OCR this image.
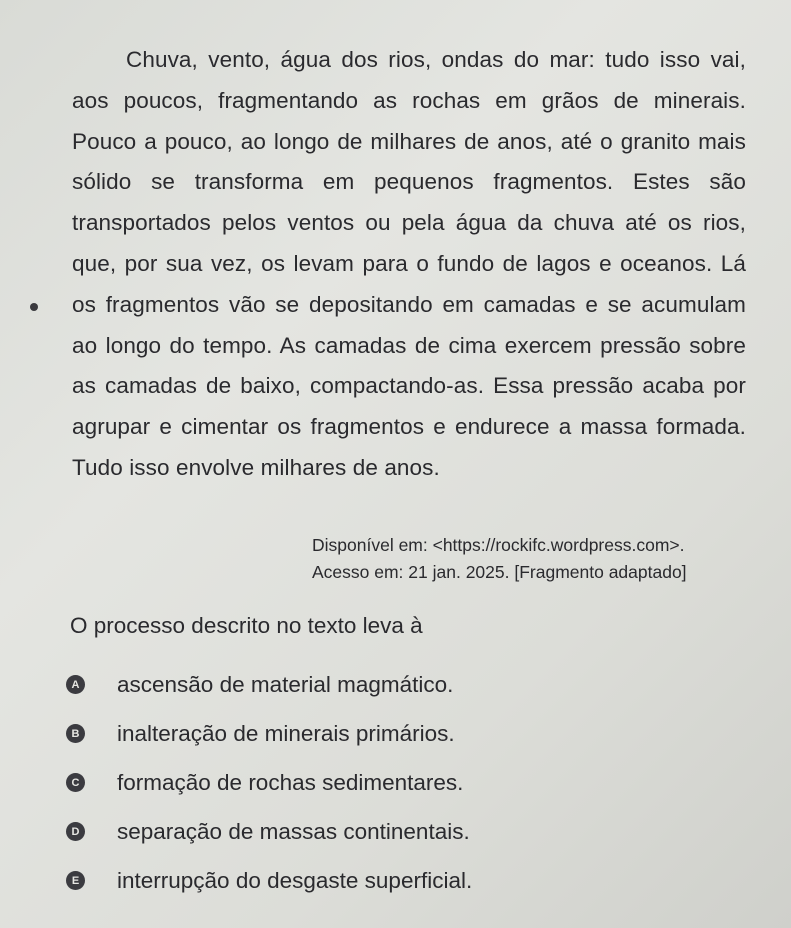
Chuva, vento, água dos rios, ondas do mar: tudo isso vai, aos poucos, fragmentando as rochas em grãos de minerais. Pouco a pouco, ao longo de milhares de anos, até o granito mais sólido se transforma em pequenos fragmentos. Estes são transportados pelos ventos ou pela água da chuva até os rios, que, por sua vez, os levam para o fundo de lagos e oceanos. Lá os fragmentos vão se depositando em camadas e se acumulam ao longo do tempo. As camadas de cima exercem pressão sobre as camadas de baixo, compactando-as. Essa pressão acaba por agrupar e cimentar os fragmentos e endurece a massa formada. Tudo isso envolve milhares de anos.

Disponível em: <https://rockifc.wordpress.com>.
Acesso em: 21 jan. 2025. [Fragmento adaptado]

O processo descrito no texto leva à

A ascensão de material magmático.
B inalteração de minerais primários.
C formação de rochas sedimentares.
D separação de massas continentais.
E interrupção do desgaste superficial.
